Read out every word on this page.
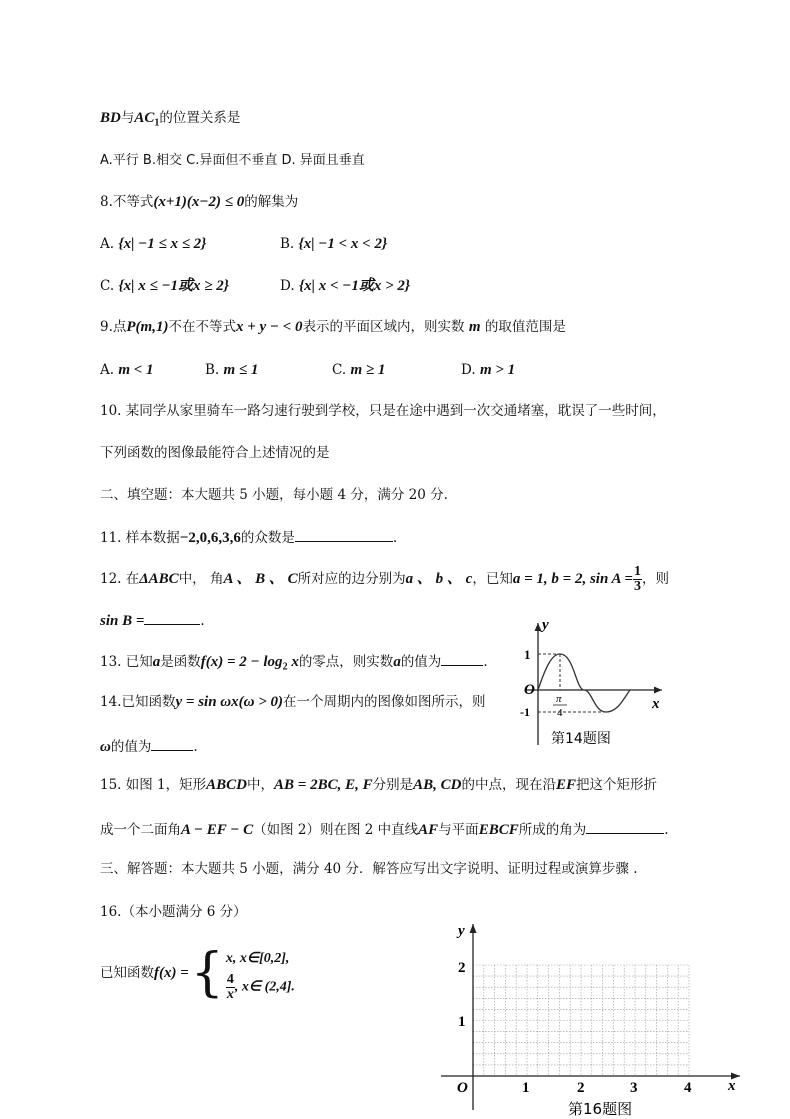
BD与$AC_1$的位置关系是
A.平行 B.相交 C.异面但不垂直 D. 异面且垂直
8.不等式(x+1)(x−2) ≤ 0的解集为
A. {x| −1 ≤ x ≤ 2}	B. {x| −1 < x < 2}
C. {x| x ≤ −1或x ≥ 2}	D. {x| x < −1或x > 2}
9.点P(m,1)不在不等式x + y − < 0表示的平面区域内，则实数 m 的取值范围是
A. m < 1	B. m ≤ 1	C. m ≥ 1	D. m > 1
10. 某同学从家里骑车一路匀速行驶到学校，只是在途中遇到一次交通堵塞，耽误了一些时间，
下列函数的图像最能符合上述情况的是
二、填空题：本大题共 5 小题，每小题 4 分，满分 20 分.
11. 样本数据−2,0,6,3,6的众数是	.
12. 在ΔABC中， 角A 、 B 、 C所对应的边分别为a 、 b 、 c，已知a = 1, b = 2, $\sin A = \frac{1}{3}$ ，则
sin B =	.
13. 已知a是函数$f(x) = 2 - \log_2 x$的零点，则实数a的值为	.
14.已知函数y = sin ωx(ω > 0)在一个周期内的图像如图所示，则
ω的值为	.
y
x
O
1
-1
π
4
第14题图
15. 如图 1，矩形ABCD中，AB = 2BC, E, F分别是AB, CD的中点，现在沿EF把这个矩形折
成一个二面角A − EF − C（如图 2）则在图 2 中直线AF与平面EBCF所成的角为	.
三、解答题：本大题共 5 小题，满分 40 分．解答应写出文字说明、证明过程或演算步骤 .
16.（本小题满分 6 分）
已知函数f(x) ={ x, x∈[0,2],
$\frac{4}{x}$ , x∈ (2,4].
y
x
O
1
2
1	2	3	4
第16题图
